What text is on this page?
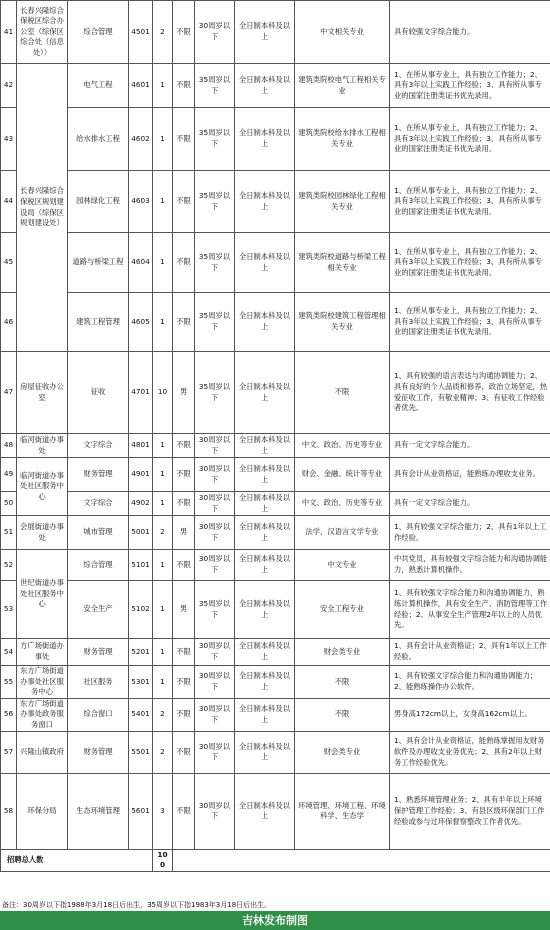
41	长春兴隆综合保税区综合办公室（综保区综合处（信息处））	综合管理	4501	2	不限	30周岁以下	全日制本科及以上	中文相关专业	具有较强文字综合能力。
42	长春兴隆综合保税区规划建设局（综保区规划建设处）	电气工程	4601	1	不限	35周岁以下	全日制本科及以上	建筑类院校电气工程相关专业	1、在所从事专业上，具有独立工作能力；2、具有3年以上实践工作经验；3、具有所从事专业的国家注册类证书优先录用。
43		给水排水工程	4602	1	不限	35周岁以下	全日制本科及以上	建筑类院校给水排水工程相关专业	1、在所从事专业上，具有独立工作能力；2、具有3年以上实践工作经验；3、具有所从事专业的国家注册类证书优先录用。
44		园林绿化工程	4603	1	不限	35周岁以下	全日制本科及以上	建筑类院校园林绿化工程相关专业	1、在所从事专业上，具有独立工作能力；2、具有3年以上实践工作经验；3、具有所从事专业的国家注册类证书优先录用。
45		道路与桥梁工程	4604	1	不限	35周岁以下	全日制本科及以上	建筑类院校道路与桥梁工程相关专业	1、在所从事专业上，具有独立工作能力；2、具有3年以上实践工作经验；3、具有所从事专业的国家注册类证书优先录用。
46		建筑工程管理	4605	1	不限	35周岁以下	全日制本科及以上	建筑类院校建筑工程管理相关专业	1、在所从事专业上，具有独立工作能力；2、具有3年以上实践工作经验；3、具有所从事专业的国家注册类证书优先录用。
47	房屋征收办公室	征收	4701	10	男	35周岁以下	全日制本科及以上	不限	1、具有较强的语言表达与沟通协调能力；2、具有良好的个人品质和修养，政治立场坚定，热爱征收工作，有敬业精神；3、有征收工作经验者优先。
48	临河街道办事处	文字综合	4801	1	不限	30周岁以下	全日制本科及以上	中文、政治、历史等专业	具有一定文字综合能力。
49	临河街道办事处社区服务中心	财务管理	4901	1	不限	30周岁以下	全日制本科及以上	财会、金融、统计等专业	具有会计从业资格证，能熟练办理收支业务。
50		文字综合	4902	1	不限	30周岁以下	全日制本科及以上	中文、政治、历史等专业	具有一定文字综合能力。
51	会展街道办事处	城市管理	5001	2	男	30周岁以下	全日制本科及以上	法学、汉语言文学专业	1、具有较强文字综合能力；2、具有1年以上工作经验。
52	世纪街道办事处社区服务中心	综合管理	5101	1	不限	30周岁以下	全日制本科及以上	中文专业	中共党员，具有较强文字综合能力和沟通协调能力，熟悉计算机操作。
53		安全生产	5102	1	男	35周岁以下	全日制本科及以上	安全工程专业	1、具有较强文字综合能力和沟通协调能力，熟练计算机操作，具有安全生产、消防管理等工作经验；2、从事安全生产管理2年以上的人员优先。
54	方广场街道办事处	财务管理	5201	1	不限	30周岁以下	全日制本科及以上	财会类专业	1、具有会计从业资格证；2、具有1年以上工作经验。
55	东方广场街道办事处社区服务中心	社区服务	5301	1	不限	30周岁以下	全日制本科及以上	不限	1、具有较强文字综合能力和沟通协调能力；2、能熟练操作办公软件。
56	东方广场街道办事处政务服务窗口	综合窗口	5401	2	不限	30周岁以下	全日制本科及以上	不限	男身高172cm以上，女身高162cm以上。
57	兴隆山镇政府	财务管理	5501	2	不限	30周岁以下	全日制本科及以上	财会类专业	1、具有会计从业资格证，能熟练掌握用友财务软件及办理收支业务优先；2、具有2年以上财务工作经验优先。
58	环保分局	生态环境管理	5601	3	不限	30周岁以下	全日制本科及以上	环境管理、环境工程、环境科学、生态学	1、熟悉环境管理业务；2、具有半年以上环境保护管理工作经验；3、有县区级环保部门工作经验或参与过环保督察整改工作者优先。
招聘总人数				100					
备注：30周岁以下指1988年3月18日后出生，35周岁以下指1983年3月18日后出生。
吉林发布制图
